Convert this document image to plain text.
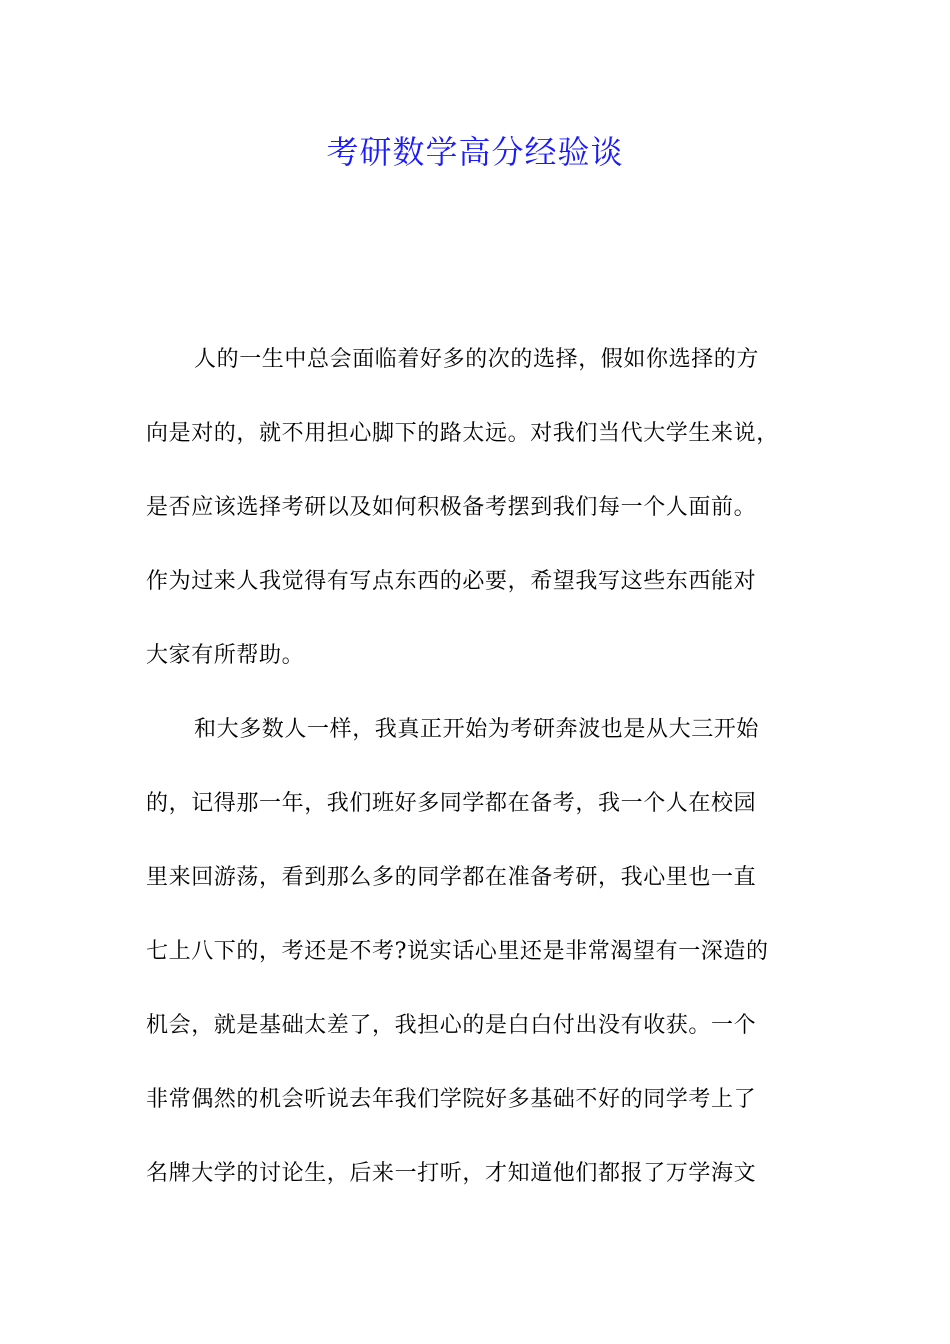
考研数学高分经验谈
人的一生中总会面临着好多的次的选择，假如你选择的方
向是对的，就不用担心脚下的路太远。对我们当代大学生来说，
是否应该选择考研以及如何积极备考摆到我们每一个人面前。
作为过来人我觉得有写点东西的必要，希望我写这些东西能对
大家有所帮助。
和大多数人一样，我真正开始为考研奔波也是从大三开始
的，记得那一年，我们班好多同学都在备考，我一个人在校园
里来回游荡，看到那么多的同学都在准备考研，我心里也一直
七上八下的，考还是不考?说实话心里还是非常渴望有一深造的
机会，就是基础太差了，我担心的是白白付出没有收获。一个
非常偶然的机会听说去年我们学院好多基础不好的同学考上了
名牌大学的讨论生，后来一打听，才知道他们都报了万学海文
